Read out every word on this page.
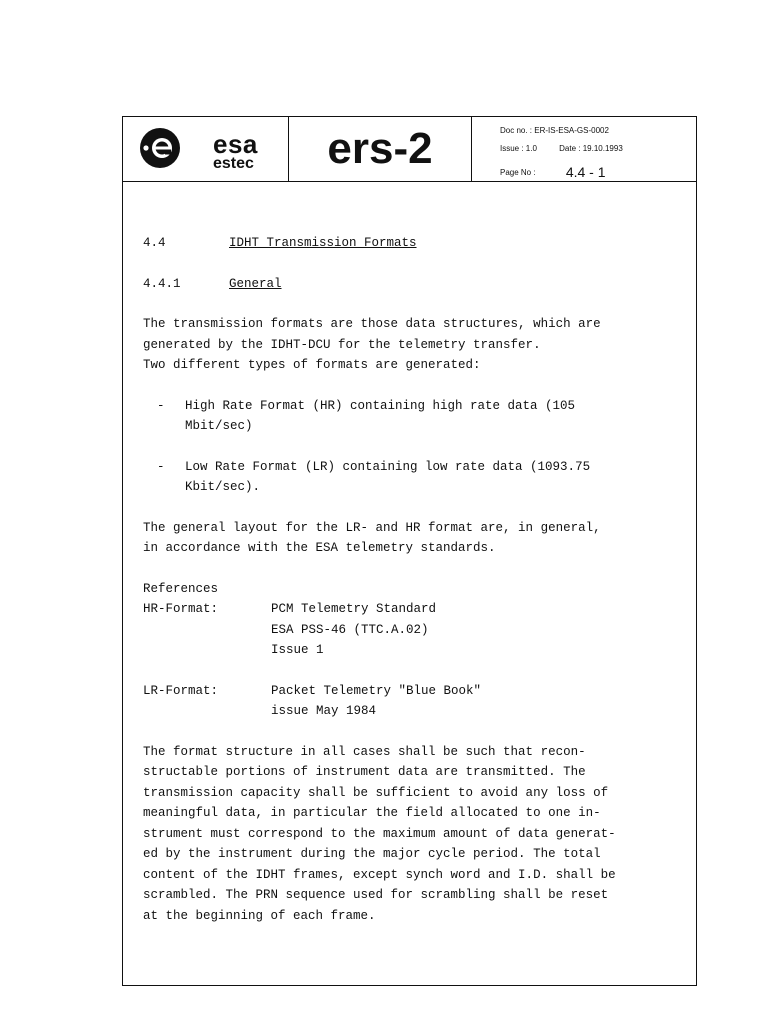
esa
estec ers-2	Doc no. : ER-IS-ESA-GS-0002
Issue : 1.0	Date : 19.10.1993
Page No : 4.4 - 1
4.4	IDHT Transmission Formats
4.4.1	General

The transmission formats are those data structures, which are
generated by the IDHT-DCU for the telemetry transfer.
Two different types of formats are generated:

-	High Rate Format (HR) containing high rate data (105
Mbit/sec)
-	Low Rate Format (LR) containing low rate data (1093.75
Kbit/sec).

The general layout for the LR- and HR format are, in general,
in accordance with the ESA telemetry standards.

References
HR-Format:	PCM Telemetry Standard
ESA PSS-46 (TTC.A.02)
Issue 1
LR-Format:	Packet Telemetry "Blue Book"
issue May 1984

The format structure in all cases shall be such that recon-
structable portions of instrument data are transmitted. The
transmission capacity shall be sufficient to avoid any loss of
meaningful data, in particular the field allocated to one in-
strument must correspond to the maximum amount of data generat-
ed by the instrument during the major cycle period. The total
content of the IDHT frames, except synch word and I.D. shall be
scrambled. The PRN sequence used for scrambling shall be reset
at the beginning of each frame.
